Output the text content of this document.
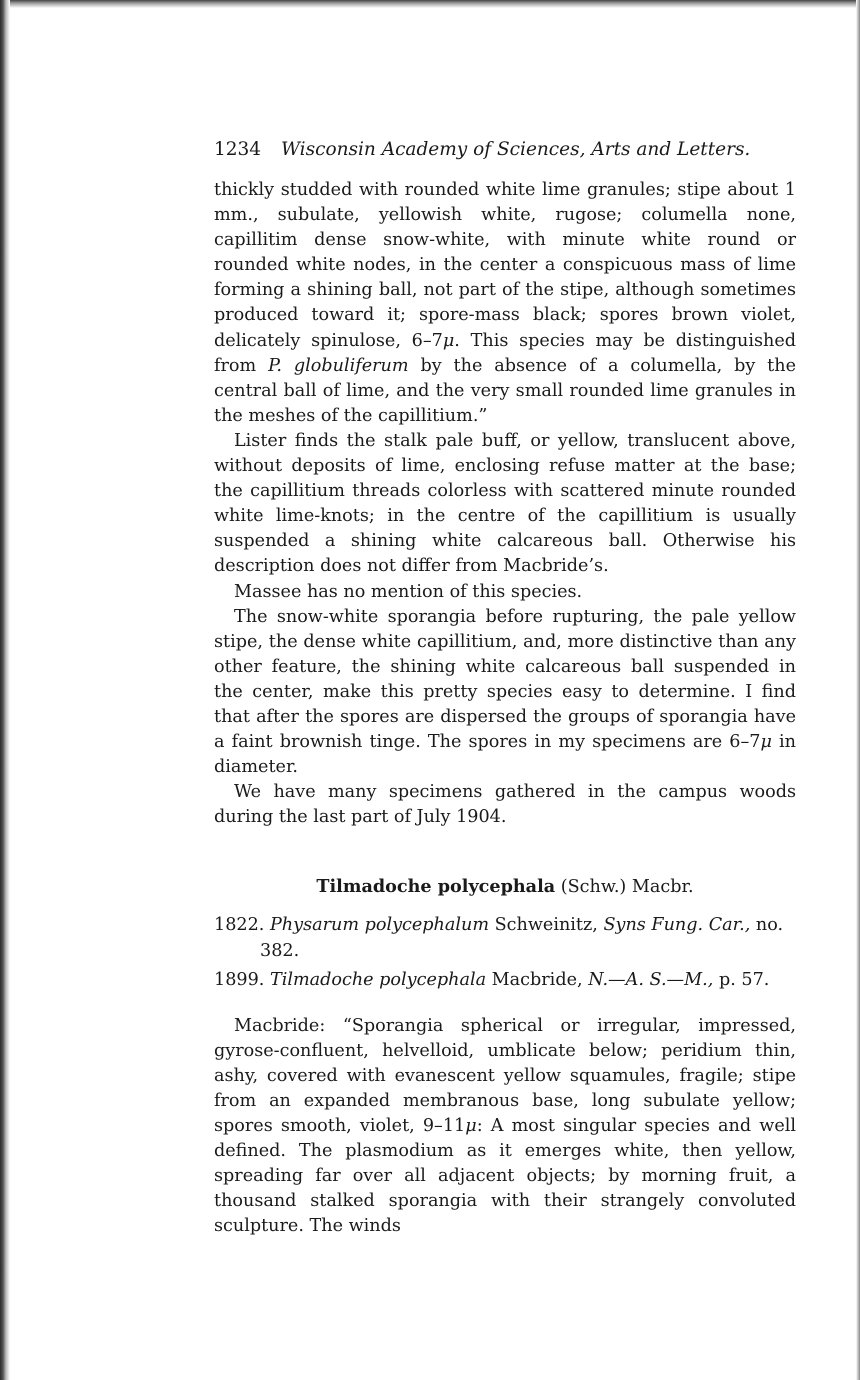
1234 Wisconsin Academy of Sciences, Arts and Letters.

thickly studded with rounded white lime granules; stipe about 1 mm., subulate, yellowish white, rugose; columella none, capillitim dense snow-white, with minute white round or rounded white nodes, in the center a conspicuous mass of lime forming a shining ball, not part of the stipe, although sometimes produced toward it; spore-mass black; spores brown violet, delicately spinulose, 6–7μ. This species may be distinguished from P. globuliferum by the absence of a columella, by the central ball of lime, and the very small rounded lime granules in the meshes of the capillitium.”

Lister finds the stalk pale buff, or yellow, translucent above, without deposits of lime, enclosing refuse matter at the base; the capillitium threads colorless with scattered minute rounded white lime-knots; in the centre of the capillitium is usually suspended a shining white calcareous ball. Otherwise his description does not differ from Macbride’s.

Massee has no mention of this species.

The snow-white sporangia before rupturing, the pale yellow stipe, the dense white capillitium, and, more distinctive than any other feature, the shining white calcareous ball suspended in the center, make this pretty species easy to determine. I find that after the spores are dispersed the groups of sporangia have a faint brownish tinge. The spores in my specimens are 6–7μ in diameter.

We have many specimens gathered in the campus woods during the last part of July 1904.

Tilmadoche polycephala (Schw.) Macbr.

1822. Physarum polycephalum Schweinitz, Syns Fung. Car., no. 382.

1899. Tilmadoche polycephala Macbride, N.—A. S.—M., p. 57.

Macbride: “Sporangia spherical or irregular, impressed, gyrose-confluent, helvelloid, umblicate below; peridium thin, ashy, covered with evanescent yellow squamules, fragile; stipe from an expanded membranous base, long subulate yellow; spores smooth, violet, 9–11μ: A most singular species and well defined. The plasmodium as it emerges white, then yellow, spreading far over all adjacent objects; by morning fruit, a thousand stalked sporangia with their strangely convoluted sculpture. The winds
